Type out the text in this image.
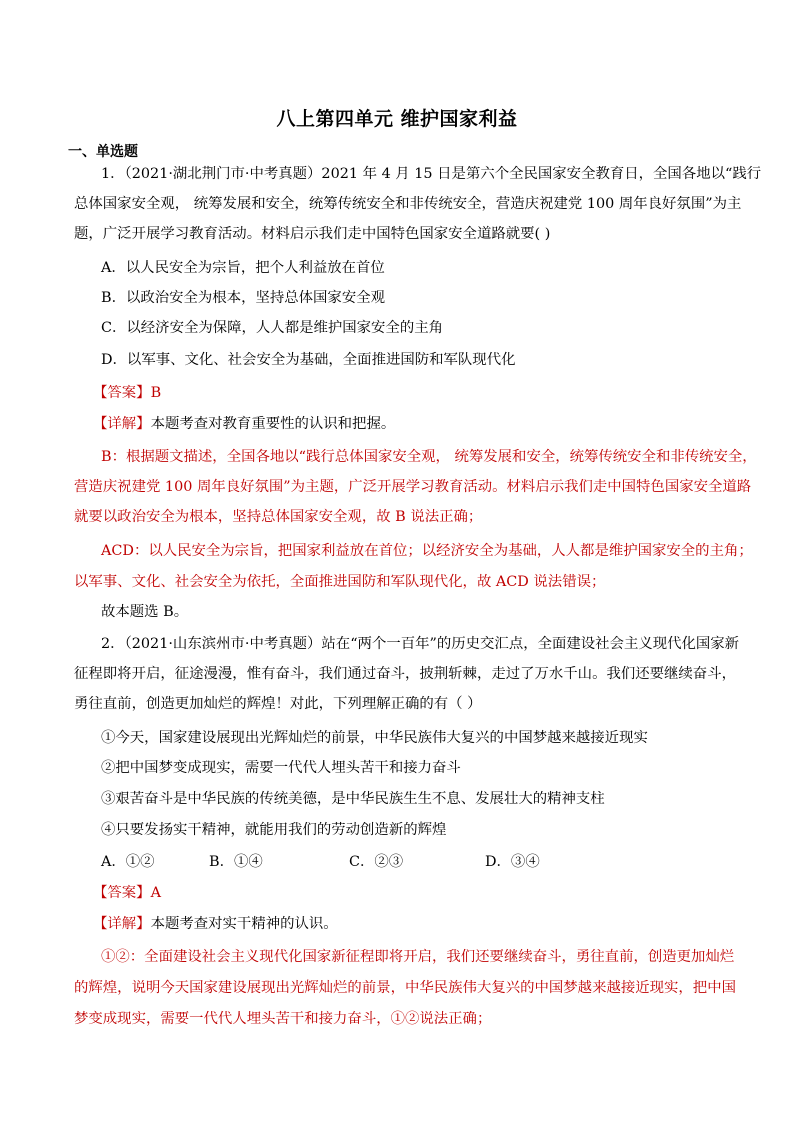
八上第四单元 维护国家利益
一、单选题
1．（2021·湖北荆门市·中考真题）2021 年 4 月 15 日是第六个全民国家安全教育日，全国各地以“践行
总体国家安全观， 统筹发展和安全，统筹传统安全和非传统安全，营造庆祝建党 100 周年良好氛围”为主
题，广泛开展学习教育活动。材料启示我们走中国特色国家安全道路就要( )
A．以人民安全为宗旨，把个人利益放在首位
B．以政治安全为根本，坚持总体国家安全观
C．以经济安全为保障，人人都是维护国家安全的主角
D．以军事、文化、社会安全为基础，全面推进国防和军队现代化
【答案】B
【详解】本题考查对教育重要性的认识和把握。
B：根据题文描述，全国各地以“践行总体国家安全观， 统筹发展和安全，统筹传统安全和非传统安全，
营造庆祝建党 100 周年良好氛围”为主题，广泛开展学习教育活动。材料启示我们走中国特色国家安全道路
就要以政治安全为根本，坚持总体国家安全观，故 B 说法正确；
ACD：以人民安全为宗旨，把国家利益放在首位；以经济安全为基础，人人都是维护国家安全的主角；
以军事、文化、社会安全为依托，全面推进国防和军队现代化，故 ACD 说法错误；
故本题选 B。
2．（2021·山东滨州市·中考真题）站在“两个一百年”的历史交汇点，全面建设社会主义现代化国家新
征程即将开启，征途漫漫，惟有奋斗，我们通过奋斗，披荆斩棘，走过了万水千山。我们还要继续奋斗，
勇往直前，创造更加灿烂的辉煌！对此，下列理解正确的有（ ）
①今天，国家建设展现出光辉灿烂的前景，中华民族伟大复兴的中国梦越来越接近现实
②把中国梦变成现实，需要一代代人埋头苦干和接力奋斗
③艰苦奋斗是中华民族的传统美德，是中华民族生生不息、发展壮大的精神支柱
④只要发扬实干精神，就能用我们的劳动创造新的辉煌
A．①②	B．①④	C．②③	D．③④
【答案】A
【详解】本题考查对实干精神的认识。
①②：全面建设社会主义现代化国家新征程即将开启，我们还要继续奋斗，勇往直前，创造更加灿烂
的辉煌，说明今天国家建设展现出光辉灿烂的前景，中华民族伟大复兴的中国梦越来越接近现实，把中国
梦变成现实，需要一代代人埋头苦干和接力奋斗，①②说法正确；
